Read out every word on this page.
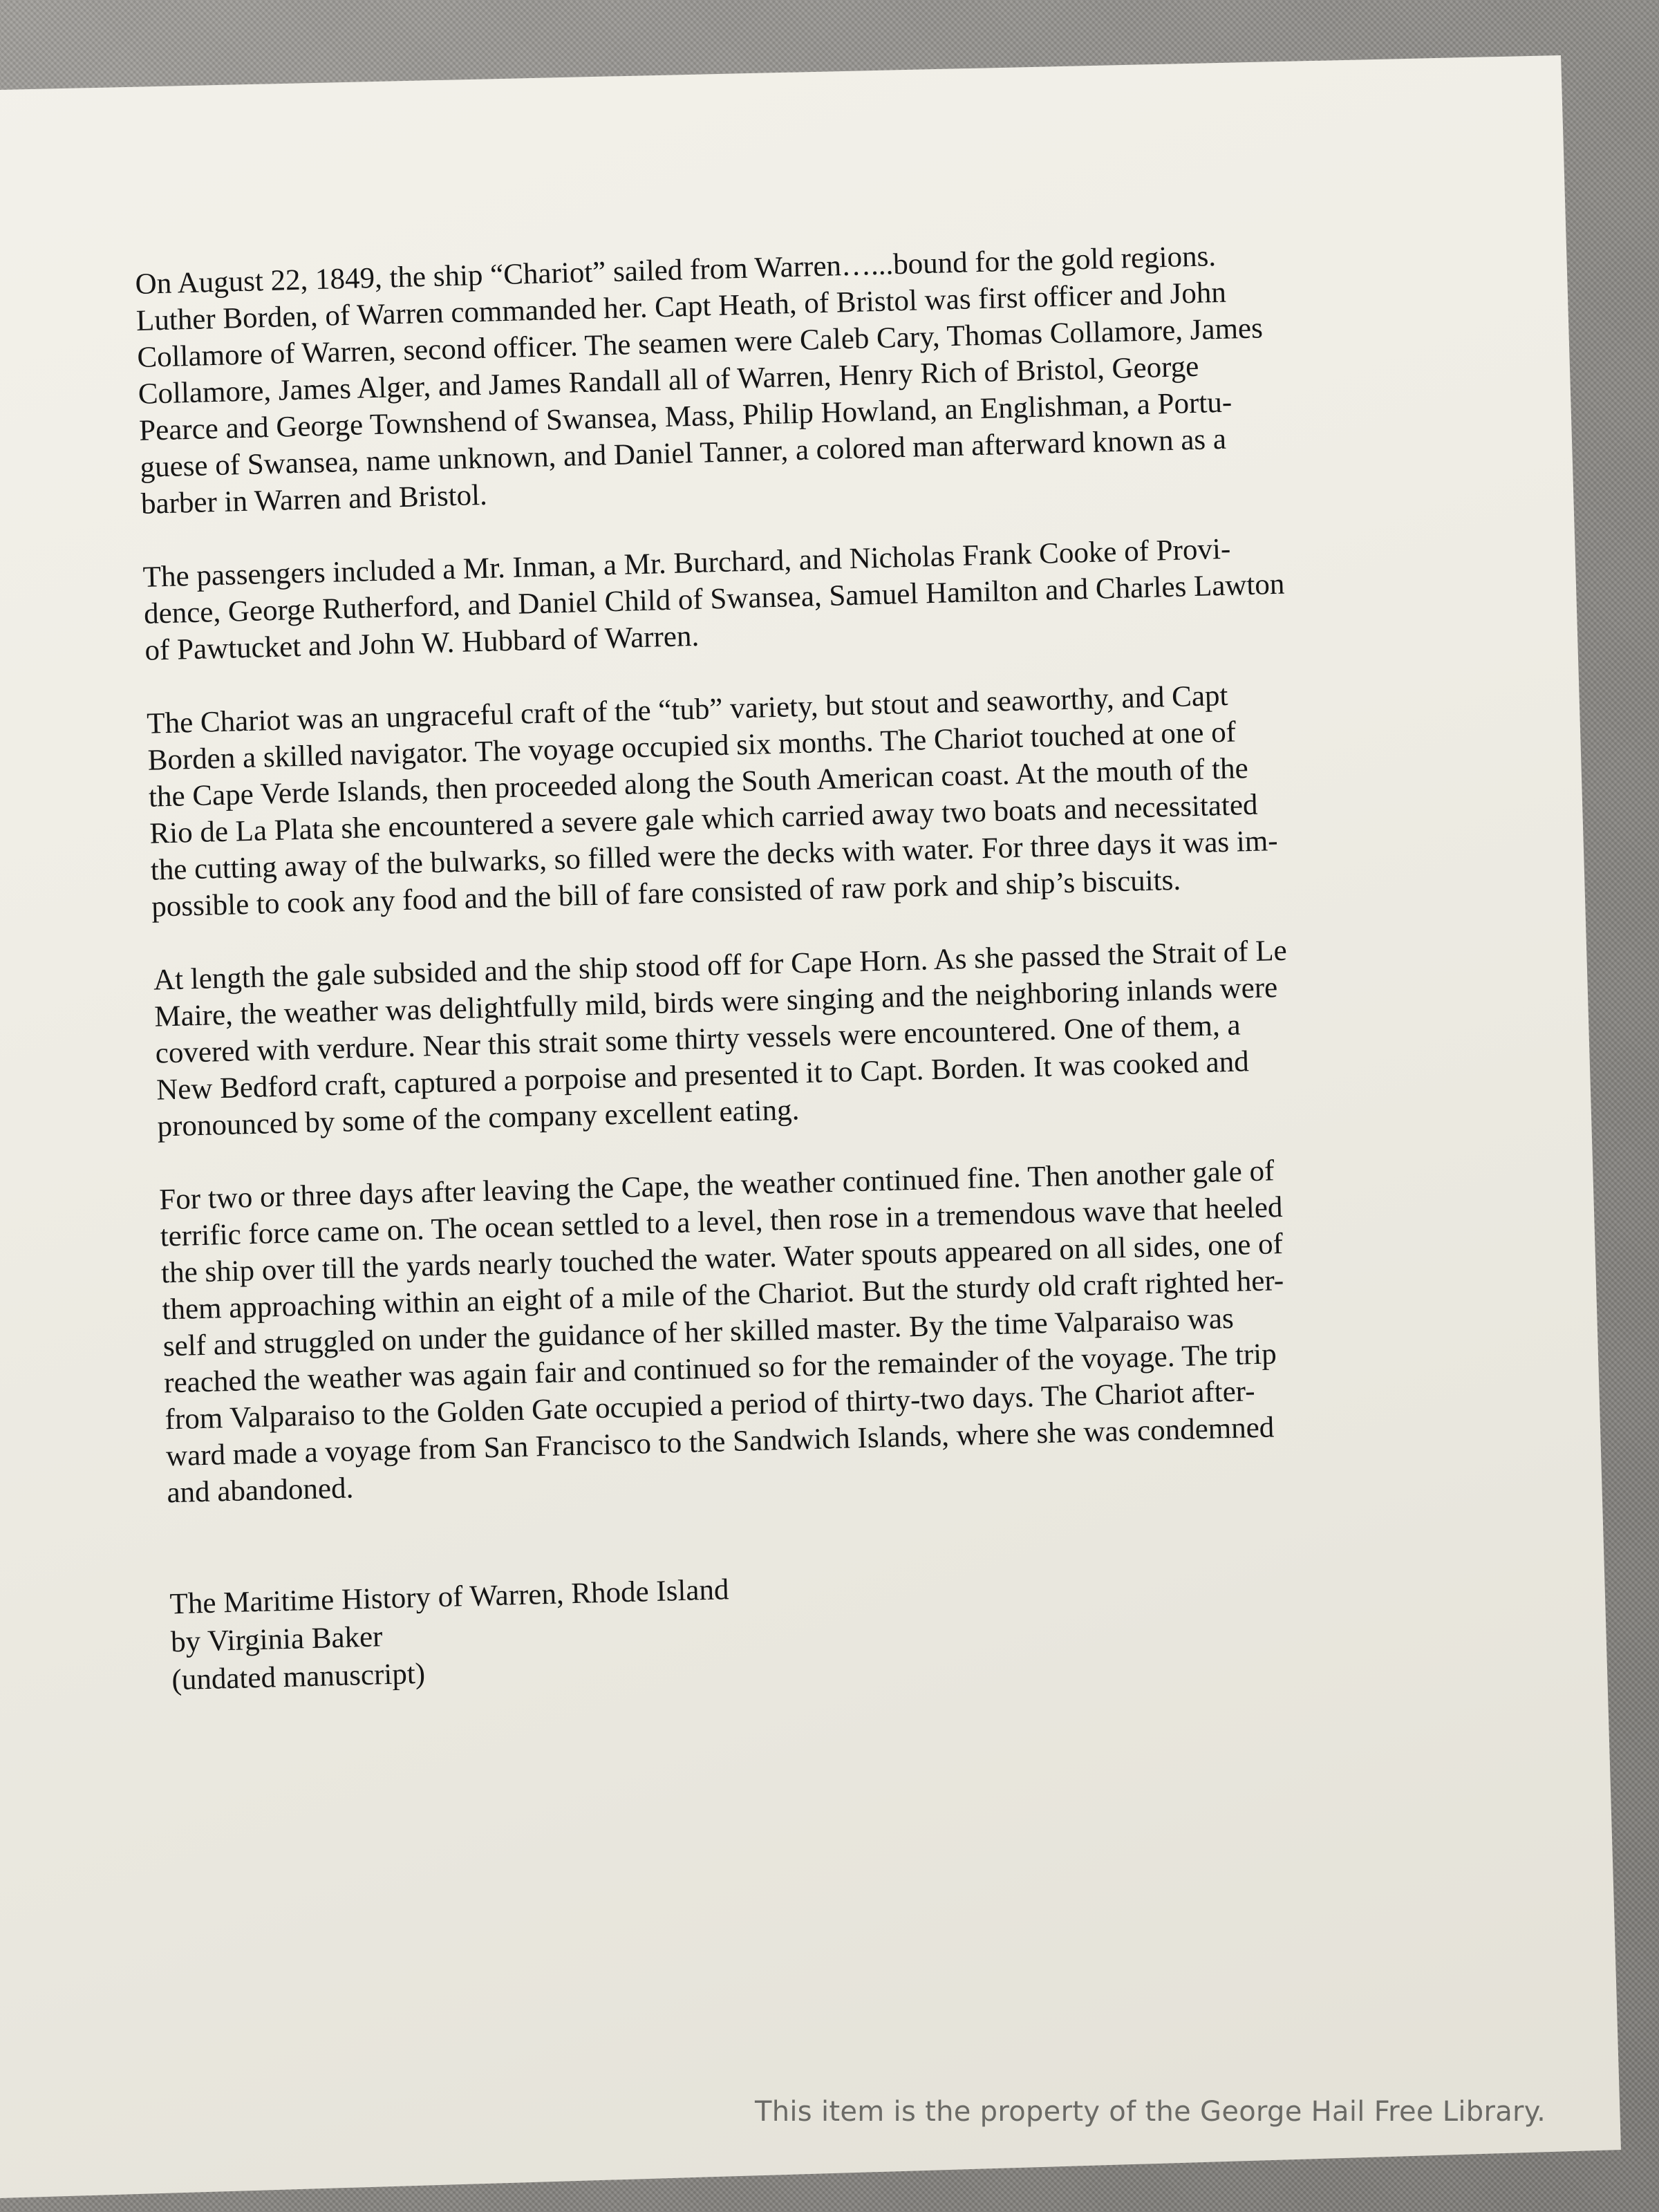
On August 22, 1849, the ship “Chariot” sailed from Warren…...bound for the gold regions.
Luther Borden, of Warren commanded her. Capt Heath, of Bristol was first officer and John
Collamore of Warren, second officer. The seamen were Caleb Cary, Thomas Collamore, James
Collamore, James Alger, and James Randall all of Warren, Henry Rich of Bristol, George
Pearce and George Townshend of Swansea, Mass, Philip Howland, an Englishman, a Portu-
guese of Swansea, name unknown, and Daniel Tanner, a colored man afterward known as a
barber in Warren and Bristol.

The passengers included a Mr. Inman, a Mr. Burchard, and Nicholas Frank Cooke of Provi-
dence, George Rutherford, and Daniel Child of Swansea, Samuel Hamilton and Charles Lawton
of Pawtucket and John W. Hubbard of Warren.

The Chariot was an ungraceful craft of the “tub” variety, but stout and seaworthy, and Capt
Borden a skilled navigator. The voyage occupied six months. The Chariot touched at one of
the Cape Verde Islands, then proceeded along the South American coast. At the mouth of the
Rio de La Plata she encountered a severe gale which carried away two boats and necessitated
the cutting away of the bulwarks, so filled were the decks with water. For three days it was im-
possible to cook any food and the bill of fare consisted of raw pork and ship’s biscuits.

At length the gale subsided and the ship stood off for Cape Horn. As she passed the Strait of Le
Maire, the weather was delightfully mild, birds were singing and the neighboring inlands were
covered with verdure. Near this strait some thirty vessels were encountered. One of them, a
New Bedford craft, captured a porpoise and presented it to Capt. Borden. It was cooked and
pronounced by some of the company excellent eating.

For two or three days after leaving the Cape, the weather continued fine. Then another gale of
terrific force came on. The ocean settled to a level, then rose in a tremendous wave that heeled
the ship over till the yards nearly touched the water. Water spouts appeared on all sides, one of
them approaching within an eight of a mile of the Chariot. But the sturdy old craft righted her-
self and struggled on under the guidance of her skilled master. By the time Valparaiso was
reached the weather was again fair and continued so for the remainder of the voyage. The trip
from Valparaiso to the Golden Gate occupied a period of thirty-two days. The Chariot after-
ward made a voyage from San Francisco to the Sandwich Islands, where she was condemned
and abandoned.

The Maritime History of Warren, Rhode Island
by Virginia Baker
(undated manuscript)
This item is the property of the George Hail Free Library.
